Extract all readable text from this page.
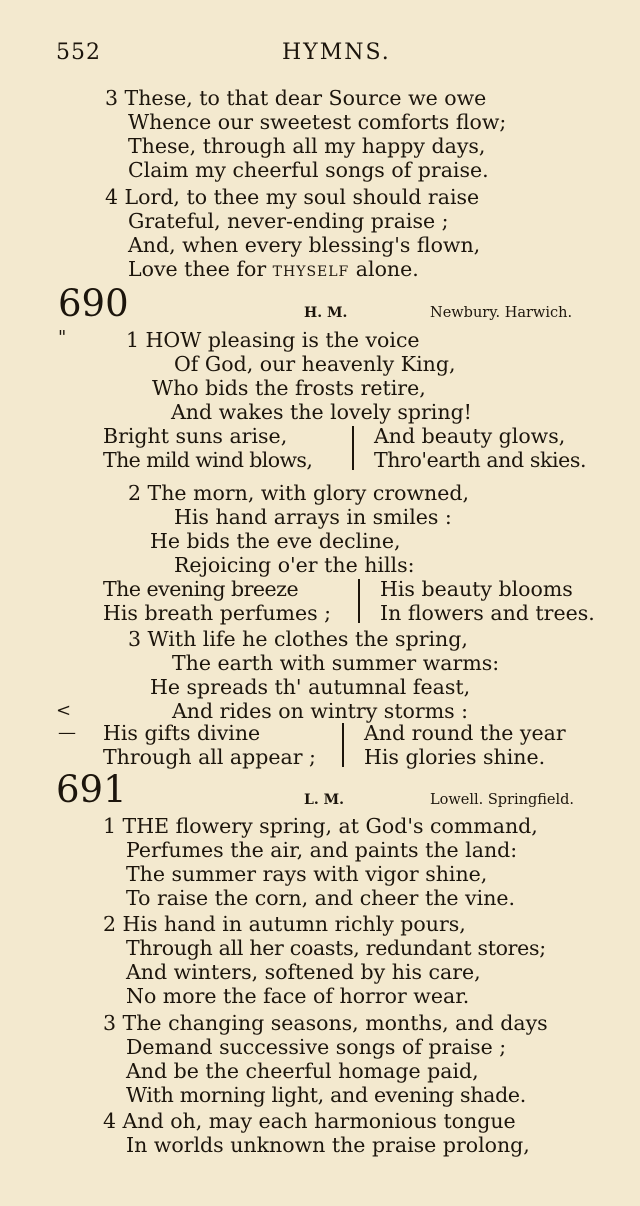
552	HYMNS.
3 These, to that dear Source we owe
Whence our sweetest comforts flow;
These, through all my happy days,
Claim my cheerful songs of praise.
4 Lord, to thee my soul should raise
Grateful, never-ending praise ;
And, when every blessing's flown,
Love thee for thyself alone.
690	H. M.	Newbury. Harwich.
"	1 HOW pleasing is the voice
Of God, our heavenly King,
Who bids the frosts retire,
And wakes the lovely spring!
Bright suns arise,
The mild wind blows,
And beauty glows,
Thro'earth and skies.
2 The morn, with glory crowned,
His hand arrays in smiles :
He bids the eve decline,
Rejoicing o'er the hills:
The evening breeze
His breath perfumes ;
His beauty blooms
In flowers and trees.
<
—
3 With life he clothes the spring,
The earth with summer warms:
He spreads th' autumnal feast,
And rides on wintry storms :
His gifts divine
Through all appear ;
And round the year
His glories shine.
691	L. M.	Lowell. Springfield.
1 THE flowery spring, at God's command,
Perfumes the air, and paints the land:
The summer rays with vigor shine,
To raise the corn, and cheer the vine.
2 His hand in autumn richly pours,
Through all her coasts, redundant stores;
And winters, softened by his care,
No more the face of horror wear.
3 The changing seasons, months, and days
Demand successive songs of praise ;
And be the cheerful homage paid,
With morning light, and evening shade.
4 And oh, may each harmonious tongue
In worlds unknown the praise prolong,
